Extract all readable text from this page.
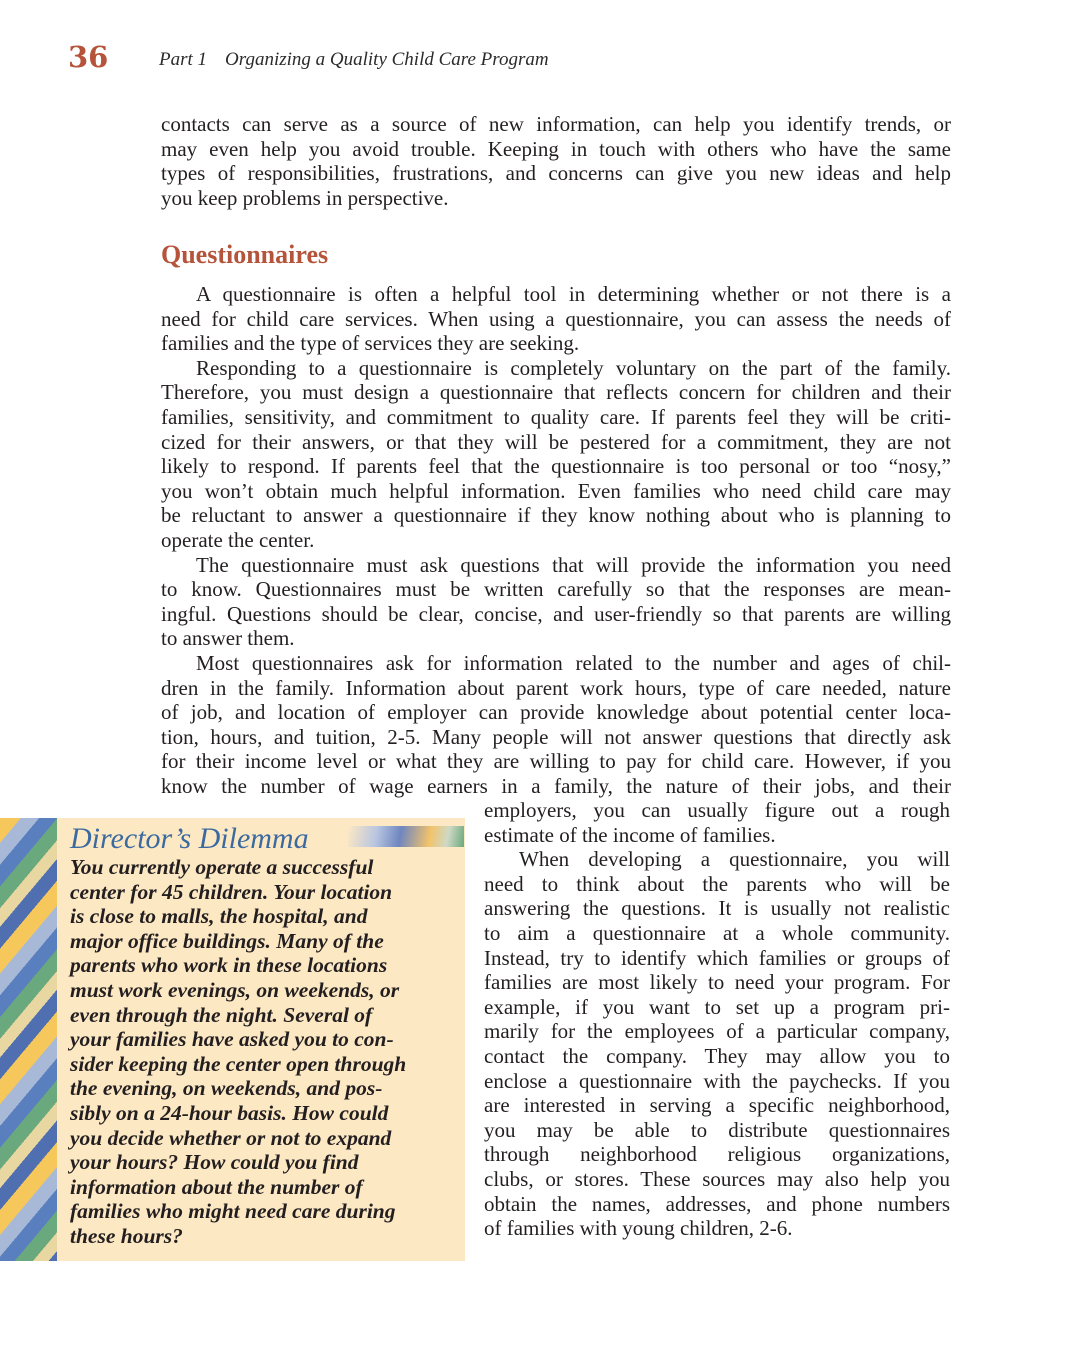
36	Part 1 Organizing a Quality Child Care Program
contacts can serve as a source of new information, can help you identify trends, or
may even help you avoid trouble. Keeping in touch with others who have the same
types of responsibilities, frustrations, and concerns can give you new ideas and help
you keep problems in perspective.
Questionnaires
A questionnaire is often a helpful tool in determining whether or not there is a
need for child care services. When using a questionnaire, you can assess the needs of
families and the type of services they are seeking.
Responding to a questionnaire is completely voluntary on the part of the family.
Therefore, you must design a questionnaire that reflects concern for children and their
families, sensitivity, and commitment to quality care. If parents feel they will be criti-
cized for their answers, or that they will be pestered for a commitment, they are not
likely to respond. If parents feel that the questionnaire is too personal or too “nosy,”
you won’t obtain much helpful information. Even families who need child care may
be reluctant to answer a questionnaire if they know nothing about who is planning to
operate the center.
The questionnaire must ask questions that will provide the information you need
to know. Questionnaires must be written carefully so that the responses are mean-
ingful. Questions should be clear, concise, and user-friendly so that parents are willing
to answer them.
Most questionnaires ask for information related to the number and ages of chil-
dren in the family. Information about parent work hours, type of care needed, nature
of job, and location of employer can provide knowledge about potential center loca-
tion, hours, and tuition, 2-5. Many people will not answer questions that directly ask
for their income level or what they are willing to pay for child care. However, if you
know the number of wage earners in a family, the nature of their jobs, and their
employers, you can usually figure out a rough
estimate of the income of families.
When developing a questionnaire, you will
need to think about the parents who will be
answering the questions. It is usually not realistic
to aim a questionnaire at a whole community.
Instead, try to identify which families or groups of
families are most likely to need your program. For
example, if you want to set up a program pri-
marily for the employees of a particular company,
contact the company. They may allow you to
enclose a questionnaire with the paychecks. If you
are interested in serving a specific neighborhood,
you may be able to distribute questionnaires
through neighborhood religious organizations,
clubs, or stores. These sources may also help you
obtain the names, addresses, and phone numbers
of families with young children, 2-6.
Director’s Dilemma
You currently operate a successful
center for 45 children. Your location
is close to malls, the hospital, and
major office buildings. Many of the
parents who work in these locations
must work evenings, on weekends, or
even through the night. Several of
your families have asked you to con-
sider keeping the center open through
the evening, on weekends, and pos-
sibly on a 24-hour basis. How could
you decide whether or not to expand
your hours? How could you find
information about the number of
families who might need care during
these hours?
